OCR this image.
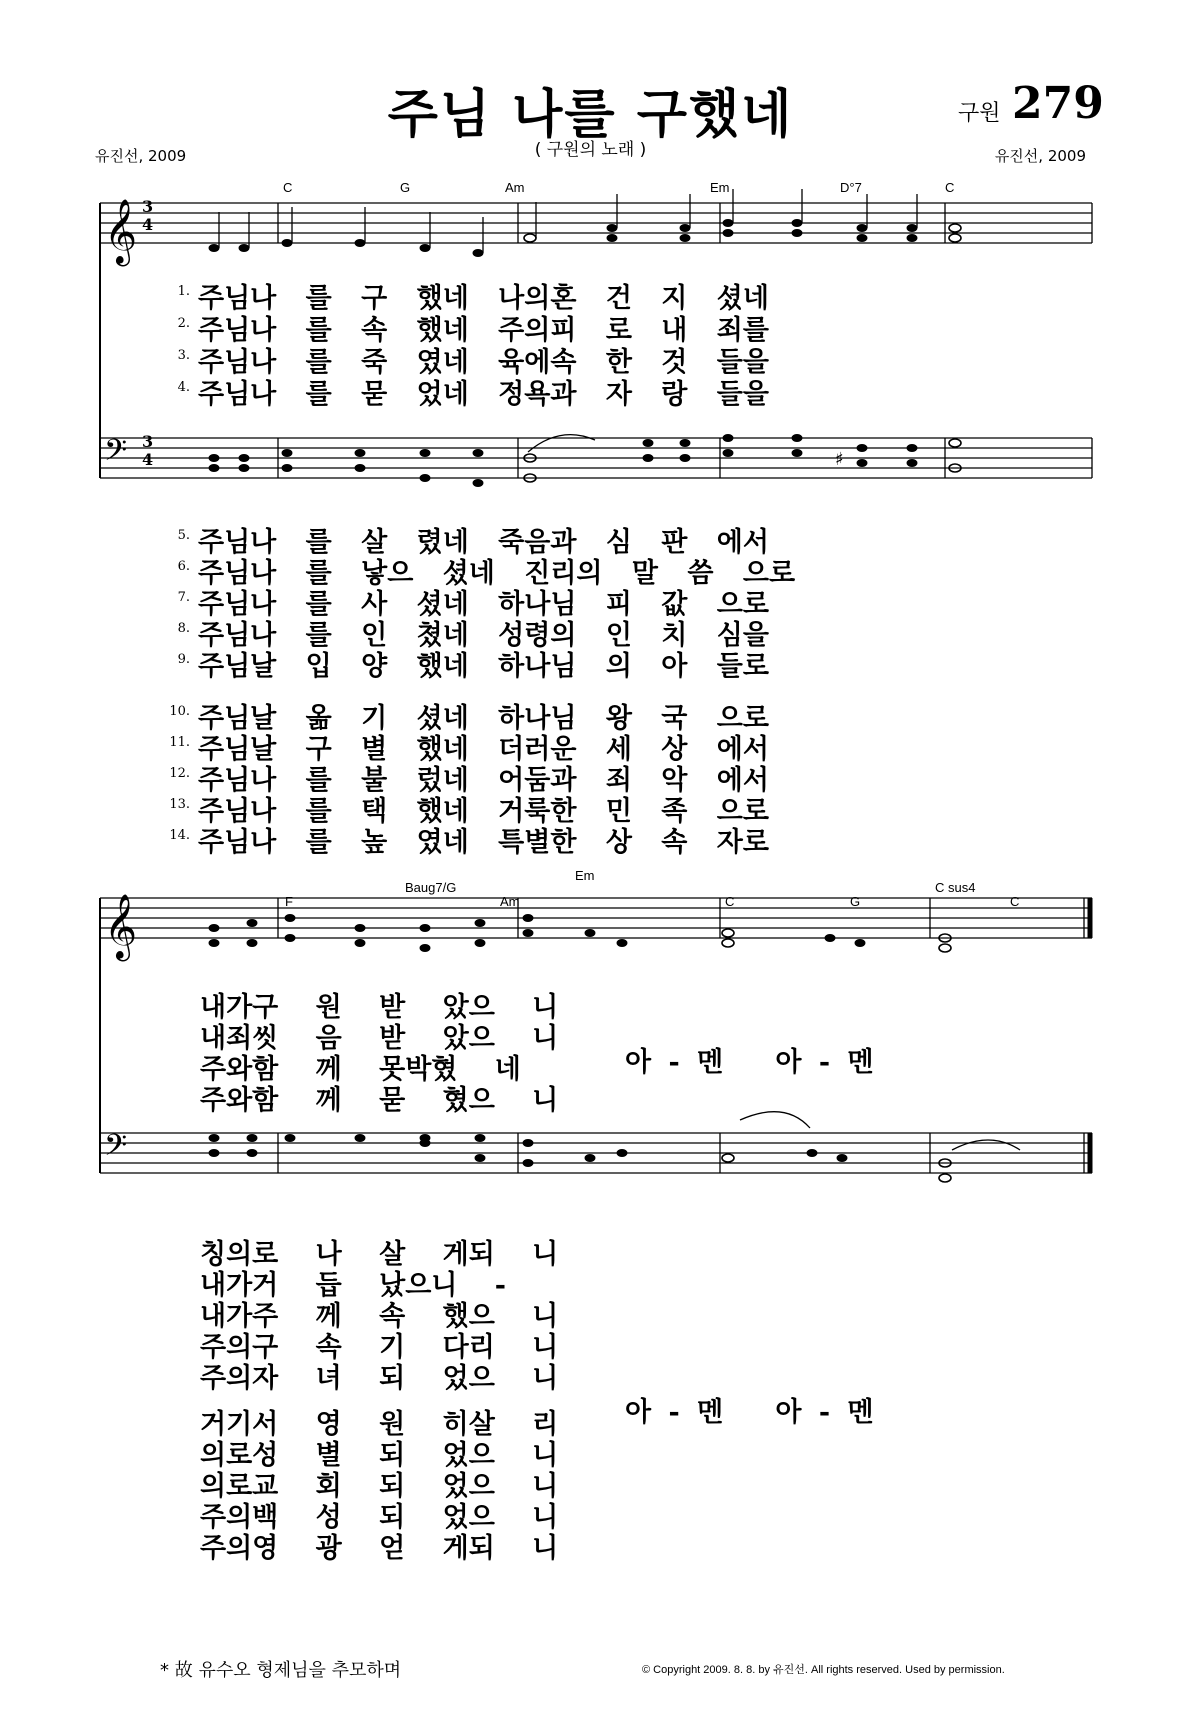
주님 나를 구했네
( 구원의 노래 )
구원 279
유진선, 2009	유진선, 2009
𝄞
𝄢
𝄞
𝄢
♯
3
4
3
4
C	G	Am	Em	D°7	C
F
Baug7/G
Am
Em
C	G
C sus4
C
1. 주님나 를 구 했네 나의혼 건 지 셨네
2. 주님나 를 속 했네 주의피 로 내 죄를
3. 주님나 를 죽 였네 육에속 한 것 들을
4. 주님나 를 묻 었네 정욕과 자 랑 들을
5. 주님나 를 살 렸네 죽음과 심 판 에서
6. 주님나 를 낳으 셨네 진리의 말 씀 으로
7. 주님나 를 사 셨네 하나님 피 값 으로
8. 주님나 를 인 쳤네 성령의 인 치 심을
9. 주님날 입 양 했네 하나님 의 아 들로
10. 주님날 옮 기 셨네 하나님 왕 국 으로
11. 주님날 구 별 했네 더러운 세 상 에서
12. 주님나 를 불 렀네 어둠과 죄 악 에서
13. 주님나 를 택 했네 거룩한 민 족 으로
14. 주님나 를 높 였네 특별한 상 속 자로
내가구 원 받 았으 니
내죄씻 음 받 았으 니
주와함 께 못박혔 네
주와함 께 묻 혔으 니
아 - 멘   아 - 멘
칭의로 나 살 게되 니
내가거 듭 났으니 -
내가주 께 속 했으 니
주의구 속 기 다리 니
주의자 녀 되 었으 니
거기서 영 원 히살 리
의로성 별 되 었으 니
의로교 회 되 었으 니
주의백 성 되 었으 니
주의영 광 얻 게되 니
아 - 멘   아 - 멘
* 故 유수오 형제님을 추모하며	© Copyright 2009. 8. 8. by 유진선. All rights reserved. Used by permission.
